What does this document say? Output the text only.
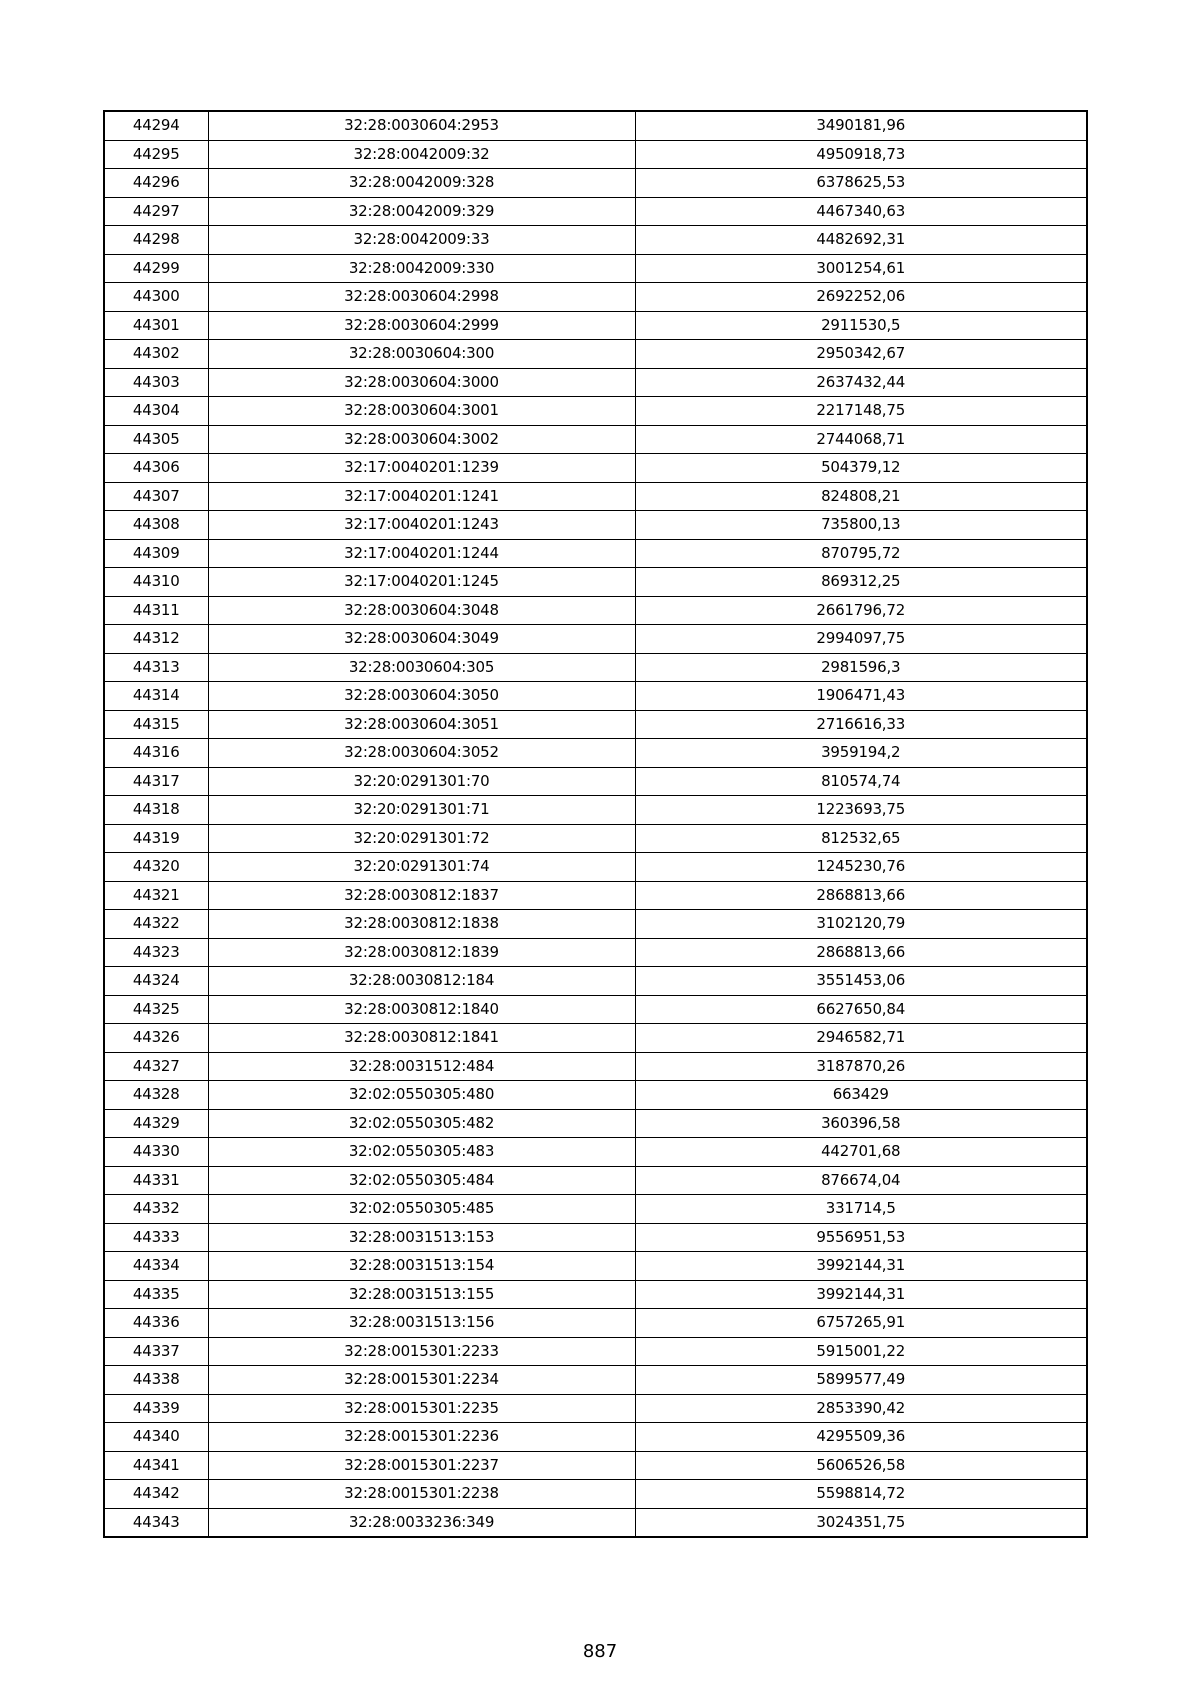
44294	32:28:0030604:2953	3490181,96
44295	32:28:0042009:32	4950918,73
44296	32:28:0042009:328	6378625,53
44297	32:28:0042009:329	4467340,63
44298	32:28:0042009:33	4482692,31
44299	32:28:0042009:330	3001254,61
44300	32:28:0030604:2998	2692252,06
44301	32:28:0030604:2999	2911530,5
44302	32:28:0030604:300	2950342,67
44303	32:28:0030604:3000	2637432,44
44304	32:28:0030604:3001	2217148,75
44305	32:28:0030604:3002	2744068,71
44306	32:17:0040201:1239	504379,12
44307	32:17:0040201:1241	824808,21
44308	32:17:0040201:1243	735800,13
44309	32:17:0040201:1244	870795,72
44310	32:17:0040201:1245	869312,25
44311	32:28:0030604:3048	2661796,72
44312	32:28:0030604:3049	2994097,75
44313	32:28:0030604:305	2981596,3
44314	32:28:0030604:3050	1906471,43
44315	32:28:0030604:3051	2716616,33
44316	32:28:0030604:3052	3959194,2
44317	32:20:0291301:70	810574,74
44318	32:20:0291301:71	1223693,75
44319	32:20:0291301:72	812532,65
44320	32:20:0291301:74	1245230,76
44321	32:28:0030812:1837	2868813,66
44322	32:28:0030812:1838	3102120,79
44323	32:28:0030812:1839	2868813,66
44324	32:28:0030812:184	3551453,06
44325	32:28:0030812:1840	6627650,84
44326	32:28:0030812:1841	2946582,71
44327	32:28:0031512:484	3187870,26
44328	32:02:0550305:480	663429
44329	32:02:0550305:482	360396,58
44330	32:02:0550305:483	442701,68
44331	32:02:0550305:484	876674,04
44332	32:02:0550305:485	331714,5
44333	32:28:0031513:153	9556951,53
44334	32:28:0031513:154	3992144,31
44335	32:28:0031513:155	3992144,31
44336	32:28:0031513:156	6757265,91
44337	32:28:0015301:2233	5915001,22
44338	32:28:0015301:2234	5899577,49
44339	32:28:0015301:2235	2853390,42
44340	32:28:0015301:2236	4295509,36
44341	32:28:0015301:2237	5606526,58
44342	32:28:0015301:2238	5598814,72
44343	32:28:0033236:349	3024351,75
887
